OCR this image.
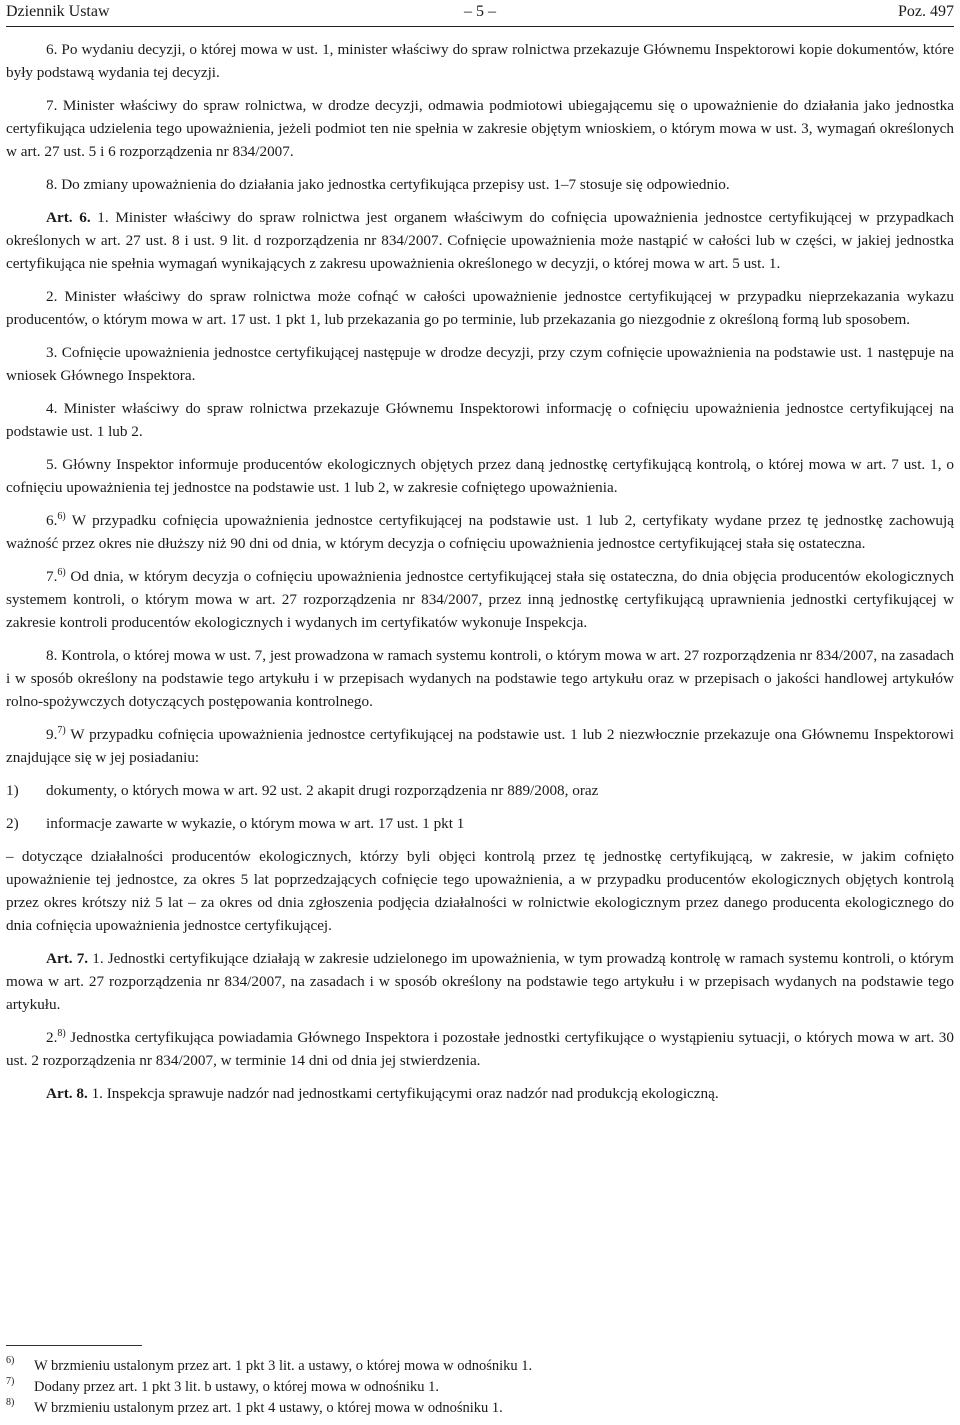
Dziennik Ustaw	– 5 –	Poz. 497

6. Po wydaniu decyzji, o której mowa w ust. 1, minister właściwy do spraw rolnictwa przekazuje Głównemu Inspektorowi kopie dokumentów, które były podstawą wydania tej decyzji.

7. Minister właściwy do spraw rolnictwa, w drodze decyzji, odmawia podmiotowi ubiegającemu się o upoważnienie do działania jako jednostka certyfikująca udzielenia tego upoważnienia, jeżeli podmiot ten nie spełnia w zakresie objętym wnioskiem, o którym mowa w ust. 3, wymagań określonych w art. 27 ust. 5 i 6 rozporządzenia nr 834/2007.

8. Do zmiany upoważnienia do działania jako jednostka certyfikująca przepisy ust. 1–7 stosuje się odpowiednio.

Art. 6. 1. Minister właściwy do spraw rolnictwa jest organem właściwym do cofnięcia upoważnienia jednostce certyfikującej w przypadkach określonych w art. 27 ust. 8 i ust. 9 lit. d rozporządzenia nr 834/2007. Cofnięcie upoważnienia może nastąpić w całości lub w części, w jakiej jednostka certyfikująca nie spełnia wymagań wynikających z zakresu upoważnienia określonego w decyzji, o której mowa w art. 5 ust. 1.

2. Minister właściwy do spraw rolnictwa może cofnąć w całości upoważnienie jednostce certyfikującej w przypadku nieprzekazania wykazu producentów, o którym mowa w art. 17 ust. 1 pkt 1, lub przekazania go po terminie, lub przekazania go niezgodnie z określoną formą lub sposobem.

3. Cofnięcie upoważnienia jednostce certyfikującej następuje w drodze decyzji, przy czym cofnięcie upoważnienia na podstawie ust. 1 następuje na wniosek Głównego Inspektora.

4. Minister właściwy do spraw rolnictwa przekazuje Głównemu Inspektorowi informację o cofnięciu upoważnienia jednostce certyfikującej na podstawie ust. 1 lub 2.

5. Główny Inspektor informuje producentów ekologicznych objętych przez daną jednostkę certyfikującą kontrolą, o której mowa w art. 7 ust. 1, o cofnięciu upoważnienia tej jednostce na podstawie ust. 1 lub 2, w zakresie cofniętego upoważnienia.

6.$^{6)}$ W przypadku cofnięcia upoważnienia jednostce certyfikującej na podstawie ust. 1 lub 2, certyfikaty wydane przez tę jednostkę zachowują ważność przez okres nie dłuższy niż 90 dni od dnia, w którym decyzja o cofnięciu upoważnienia jednostce certyfikującej stała się ostateczna.

7.$^{6)}$ Od dnia, w którym decyzja o cofnięciu upoważnienia jednostce certyfikującej stała się ostateczna, do dnia objęcia producentów ekologicznych systemem kontroli, o którym mowa w art. 27 rozporządzenia nr 834/2007, przez inną jednostkę certyfikującą uprawnienia jednostki certyfikującej w zakresie kontroli producentów ekologicznych i wydanych im certyfikatów wykonuje Inspekcja.

8. Kontrola, o której mowa w ust. 7, jest prowadzona w ramach systemu kontroli, o którym mowa w art. 27 rozporządzenia nr 834/2007, na zasadach i w sposób określony na podstawie tego artykułu i w przepisach wydanych na podstawie tego artykułu oraz w przepisach o jakości handlowej artykułów rolno-spożywczych dotyczących postępowania kontrolnego.

9.$^{7)}$ W przypadku cofnięcia upoważnienia jednostce certyfikującej na podstawie ust. 1 lub 2 niezwłocznie przekazuje ona Głównemu Inspektorowi znajdujące się w jej posiadaniu:

1) dokumenty, o których mowa w art. 92 ust. 2 akapit drugi rozporządzenia nr 889/2008, oraz

2) informacje zawarte w wykazie, o którym mowa w art. 17 ust. 1 pkt 1

– dotyczące działalności producentów ekologicznych, którzy byli objęci kontrolą przez tę jednostkę certyfikującą, w zakresie, w jakim cofnięto upoważnienie tej jednostce, za okres 5 lat poprzedzających cofnięcie tego upoważnienia, a w przypadku producentów ekologicznych objętych kontrolą przez okres krótszy niż 5 lat – za okres od dnia zgłoszenia podjęcia działalności w rolnictwie ekologicznym przez danego producenta ekologicznego do dnia cofnięcia upoważnienia jednostce certyfikującej.

Art. 7. 1. Jednostki certyfikujące działają w zakresie udzielonego im upoważnienia, w tym prowadzą kontrolę w ramach systemu kontroli, o którym mowa w art. 27 rozporządzenia nr 834/2007, na zasadach i w sposób określony na podstawie tego artykułu i w przepisach wydanych na podstawie tego artykułu.

2.$^{8)}$ Jednostka certyfikująca powiadamia Głównego Inspektora i pozostałe jednostki certyfikujące o wystąpieniu sytuacji, o których mowa w art. 30 ust. 2 rozporządzenia nr 834/2007, w terminie 14 dni od dnia jej stwierdzenia.

Art. 8. 1. Inspekcja sprawuje nadzór nad jednostkami certyfikującymi oraz nadzór nad produkcją ekologiczną.

6) W brzmieniu ustalonym przez art. 1 pkt 3 lit. a ustawy, o której mowa w odnośniku 1.
7) Dodany przez art. 1 pkt 3 lit. b ustawy, o której mowa w odnośniku 1.
8) W brzmieniu ustalonym przez art. 1 pkt 4 ustawy, o której mowa w odnośniku 1.
